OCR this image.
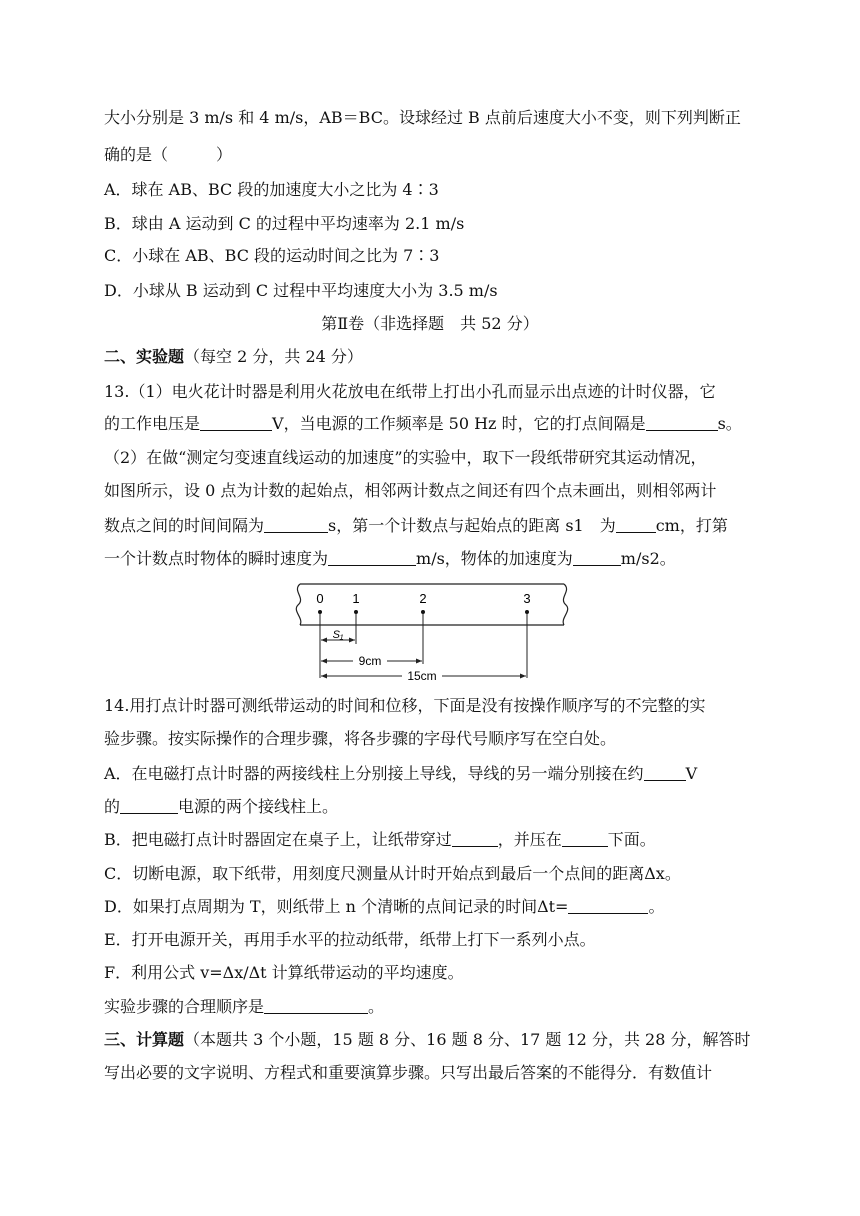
大小分别是 3 m/s 和 4 m/s，AB＝BC。设球经过 B 点前后速度大小不变，则下列判断正
确的是（　　　）
A．球在 AB、BC 段的加速度大小之比为 4∶3
B．球由 A 运动到 C 的过程中平均速率为 2.1 m/s
C．小球在 AB、BC 段的运动时间之比为 7∶3
D．小球从 B 运动到 C 过程中平均速度大小为 3.5 m/s
第Ⅱ卷（非选择题　共 52 分）
二、实验题（每空 2 分，共 24 分）
13.（1）电火花计时器是利用火花放电在纸带上打出小孔而显示出点迹的计时仪器，它
的工作电压是	V，当电源的工作频率是 50 Hz 时，它的打点间隔是	s。
（2）在做“测定匀变速直线运动的加速度”的实验中，取下一段纸带研究其运动情况，
如图所示，设 0 点为计数的起始点，相邻两计数点之间还有四个点未画出，则相邻两计
数点之间的时间间隔为	s，第一个计数点与起始点的距离 s1　为	cm，打第
一个计数点时物体的瞬时速度为	m/s，物体的加速度为	m/s2。
0 1	2	3
S₁
9cm
15cm
14.用打点计时器可测纸带运动的时间和位移，下面是没有按操作顺序写的不完整的实
验步骤。按实际操作的合理步骤，将各步骤的字母代号顺序写在空白处。
A．在电磁打点计时器的两接线柱上分别接上导线，导线的另一端分别接在约	V
的	电源的两个接线柱上。
B．把电磁打点计时器固定在桌子上，让纸带穿过	，并压在	下面。
C．切断电源，取下纸带，用刻度尺测量从计时开始点到最后一个点间的距离Δx。
D．如果打点周期为 T，则纸带上 n 个清晰的点间记录的时间Δt=	。
E．打开电源开关，再用手水平的拉动纸带，纸带上打下一系列小点。
F．利用公式 v=Δx/Δt 计算纸带运动的平均速度。
实验步骤的合理顺序是	。
三、计算题（本题共 3 个小题，15 题 8 分、16 题 8 分、17 题 12 分，共 28 分，解答时
写出必要的文字说明、方程式和重要演算步骤。只写出最后答案的不能得分．有数值计
